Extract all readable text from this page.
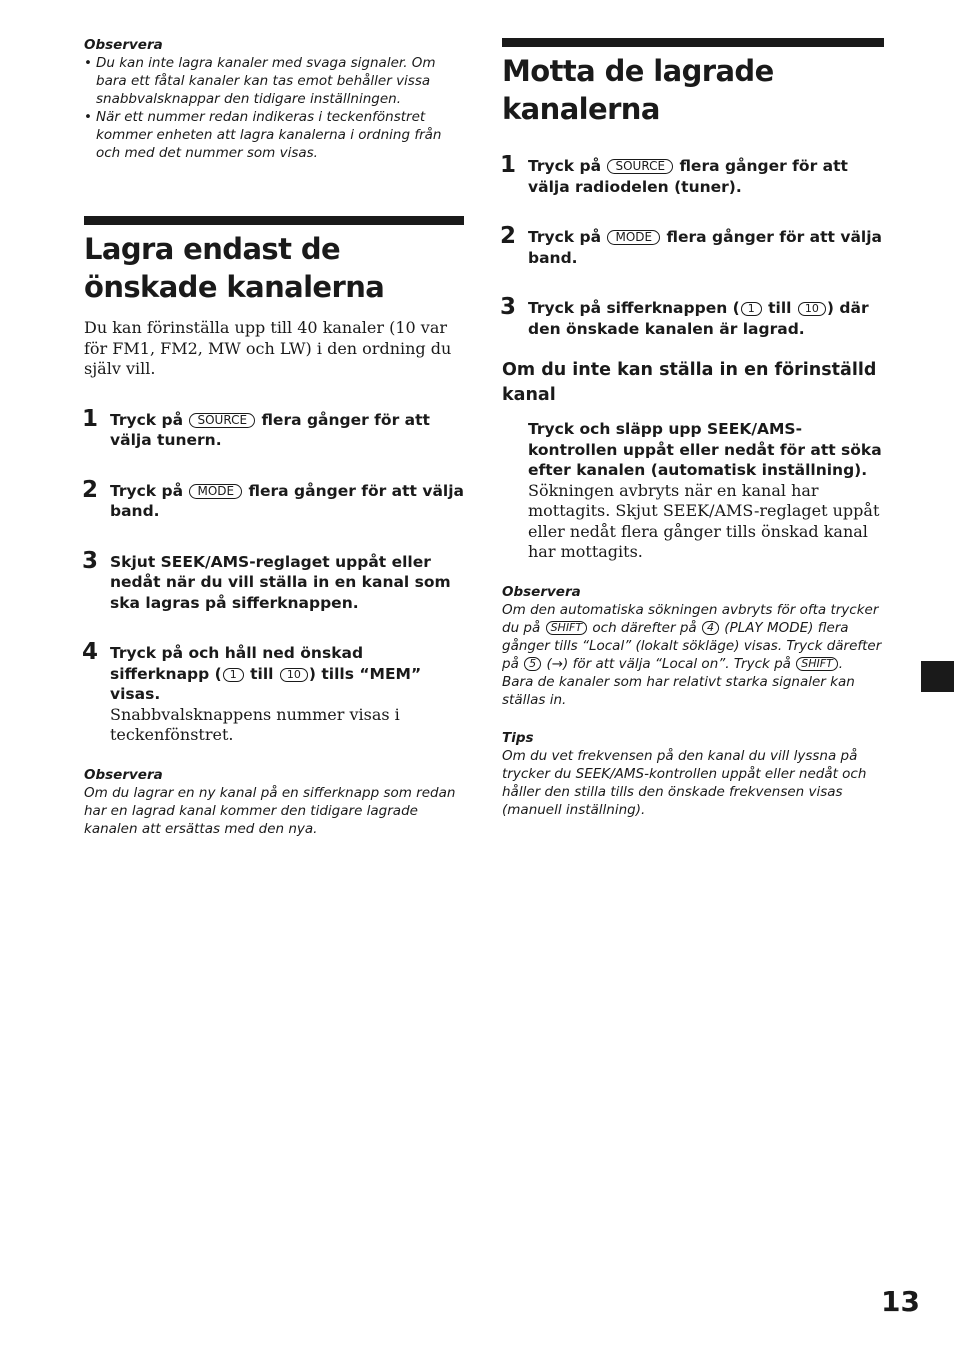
Observera
• Du kan inte lagra kanaler med svaga signaler. Om bara ett fåtal kanaler kan tas emot behåller vissa snabbvalsknappar den tidigare inställningen.
• När ett nummer redan indikeras i teckenfönstret kommer enheten att lagra kanalerna i ordning från och med det nummer som visas.
Lagra endast de önskade kanalerna
Du kan förinställa upp till 40 kanaler (10 var för FM1, FM2, MW och LW) i den ordning du själv vill.
1 Tryck på SOURCE flera gånger för att välja tunern.
2 Tryck på MODE flera gånger för att välja band.
3 Skjut SEEK/AMS-reglaget uppåt eller nedåt när du vill ställa in en kanal som ska lagras på sifferknappen.
4 Tryck på och håll ned önskad sifferknapp ( 1 till 10 ) tills “MEM” visas.
Snabbvalsknappens nummer visas i teckenfönstret.
Observera
Om du lagrar en ny kanal på en sifferknapp som redan har en lagrad kanal kommer den tidigare lagrade kanalen att ersättas med den nya.
Motta de lagrade kanalerna
1 Tryck på SOURCE flera gånger för att välja radiodelen (tuner).
2 Tryck på MODE flera gånger för att välja band.
3 Tryck på sifferknappen ( 1 till 10 ) där den önskade kanalen är lagrad.
Om du inte kan ställa in en förinställd kanal
Tryck och släpp upp SEEK/AMS-kontrollen uppåt eller nedåt för att söka efter kanalen (automatisk inställning).
Sökningen avbryts när en kanal har mottagits. Skjut SEEK/AMS-reglaget uppåt eller nedåt flera gånger tills önskad kanal har mottagits.
Observera
Om den automatiska sökningen avbryts för ofta trycker du på SHIFT och därefter på 4 (PLAY MODE) flera gånger tills “Local” (lokalt sökläge) visas. Tryck därefter på 5 (→) för att välja “Local on”. Tryck på SHIFT .
Bara de kanaler som har relativt starka signaler kan ställas in.
Tips
Om du vet frekvensen på den kanal du vill lyssna på trycker du SEEK/AMS-kontrollen uppåt eller nedåt och håller den stilla tills den önskade frekvensen visas (manuell inställning).
13
